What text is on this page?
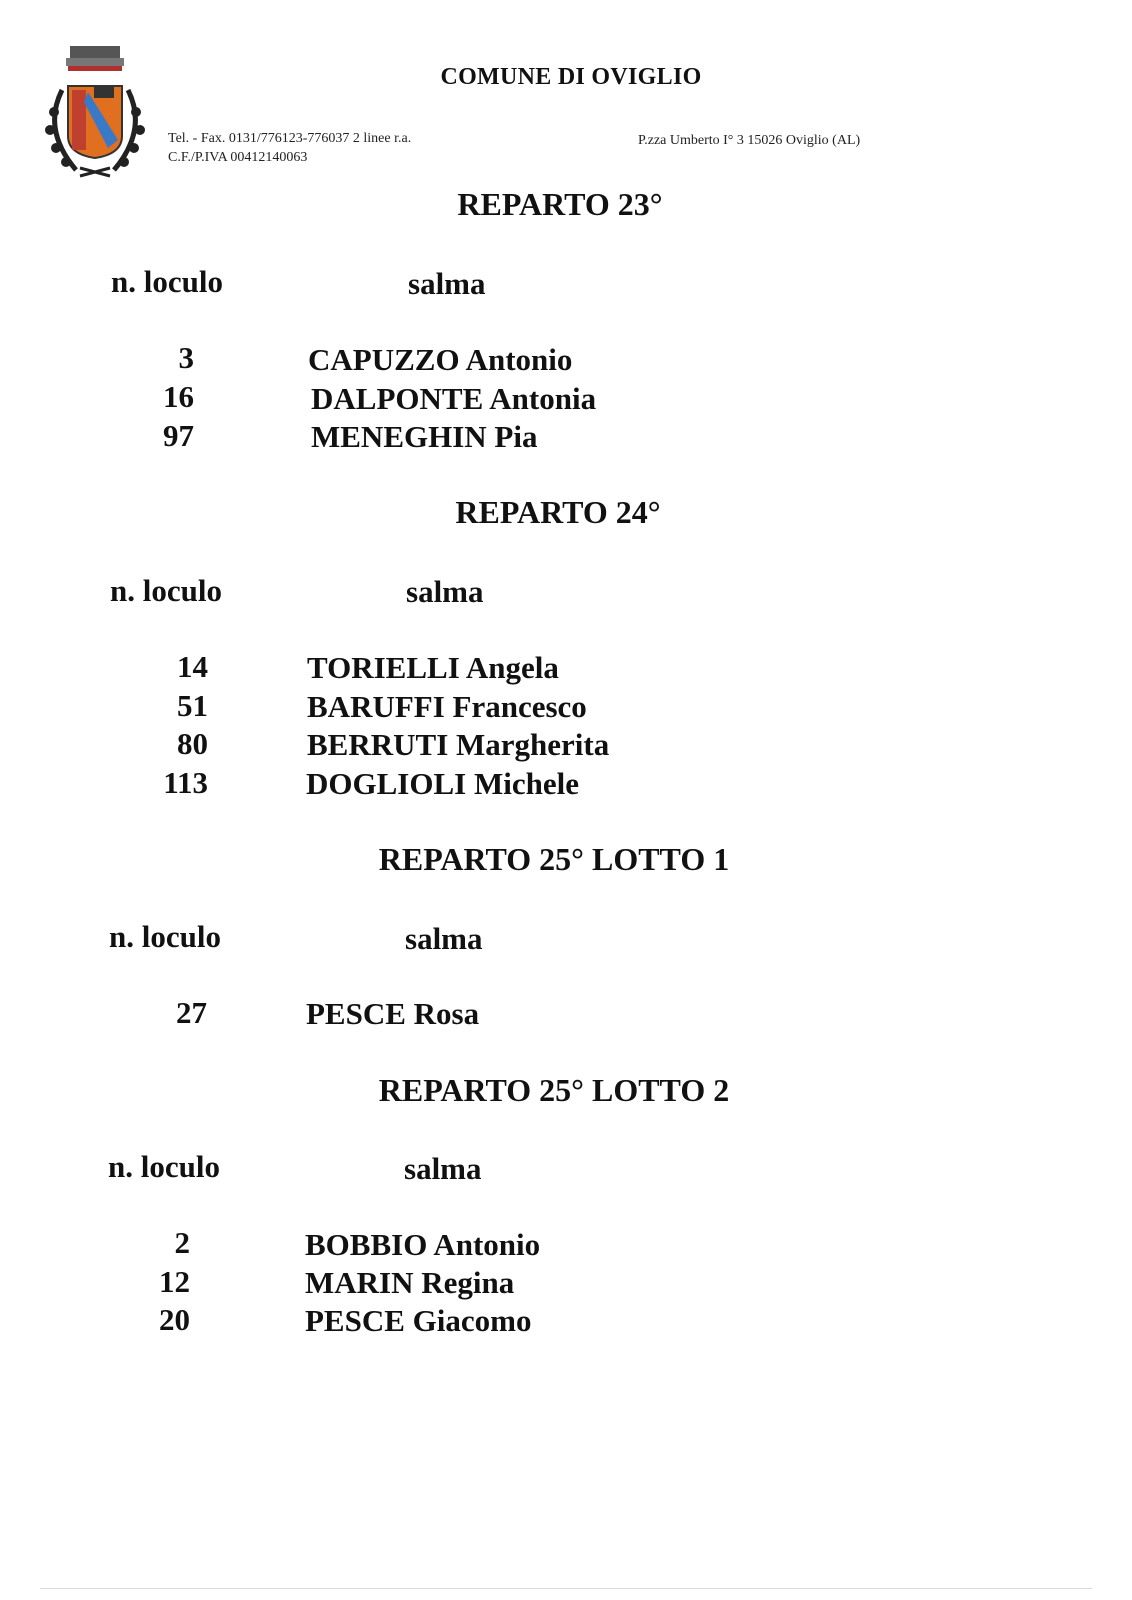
COMUNE DI OVIGLIO
Tel. - Fax. 0131/776123-776037 2 linee r.a.
C.F./P.IVA 00412140063
P.zza Umberto I° 3 15026 Oviglio (AL)
REPARTO 23°
n. loculo	salma
3	CAPUZZO Antonio
16	DALPONTE Antonia
97	MENEGHIN Pia
REPARTO 24°
n. loculo	salma
14	TORIELLI Angela
51	BARUFFI Francesco
80	BERRUTI Margherita
113	DOGLIOLI Michele
REPARTO 25° LOTTO 1
n. loculo	salma
27	PESCE Rosa
REPARTO 25° LOTTO 2
n. loculo	salma
2	BOBBIO Antonio
12	MARIN Regina
20	PESCE Giacomo
